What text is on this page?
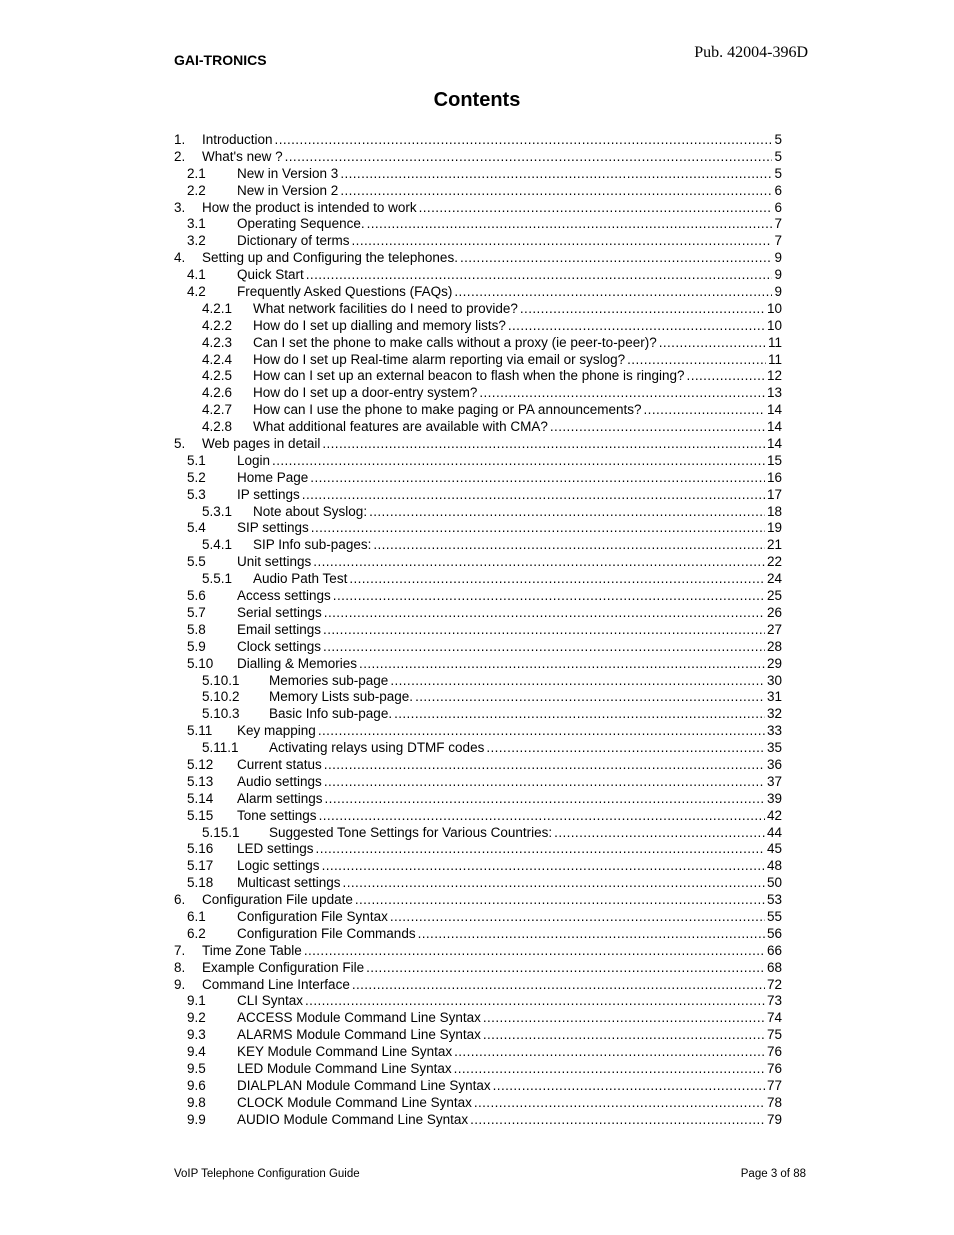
GAI-TRONICS	Pub. 42004-396D
Contents
1.	Introduction .....	5
2.	What's new ? .....	5
2.1	New in Version 3 .....	5
2.2	New in Version 2 .....	6
3.	How the product is intended to work .....	6
3.1	Operating Sequence. .....	7
3.2	Dictionary of terms .....	7
4.	Setting up and Configuring the telephones. .....	9
4.1	Quick Start .....	9
4.2	Frequently Asked Questions (FAQs) .....	9
4.2.1	What network facilities do I need to provide? .....	10
4.2.2	How do I set up dialling and memory lists? .....	10
4.2.3	Can I set the phone to make calls without a proxy (ie peer-to-peer)? .....	11
4.2.4	How do I set up Real-time alarm reporting via email or syslog? .....	11
4.2.5	How can I set up an external beacon to flash when the phone is ringing? .....	12
4.2.6	How do I set up a door-entry system? .....	13
4.2.7	How can I use the phone to make paging or PA announcements? .....	14
4.2.8	What additional features are available with CMA? .....	14
5.	Web pages in detail .....	14
5.1	Login .....	15
5.2	Home Page .....	16
5.3	IP settings .....	17
5.3.1	Note about Syslog: .....	18
5.4	SIP settings .....	19
5.4.1	SIP Info sub-pages: .....	21
5.5	Unit settings .....	22
5.5.1	Audio Path Test .....	24
5.6	Access settings .....	25
5.7	Serial settings .....	26
5.8	Email settings .....	27
5.9	Clock settings .....	28
5.10	Dialling & Memories .....	29
5.10.1	Memories sub-page .....	30
5.10.2	Memory Lists sub-page. .....	31
5.10.3	Basic Info sub-page. .....	32
5.11	Key mapping .....	33
5.11.1	Activating relays using DTMF codes .....	35
5.12	Current status .....	36
5.13	Audio settings .....	37
5.14	Alarm settings .....	39
5.15	Tone settings .....	42
5.15.1	Suggested Tone Settings for Various Countries: .....	44
5.16	LED settings .....	45
5.17	Logic settings .....	48
5.18	Multicast settings .....	50
6.	Configuration File update .....	53
6.1	Configuration File Syntax .....	55
6.2	Configuration File Commands .....	56
7.	Time Zone Table .....	66
8.	Example Configuration File .....	68
9.	Command Line Interface .....	72
9.1	CLI Syntax .....	73
9.2	ACCESS Module Command Line Syntax .....	74
9.3	ALARMS Module Command Line Syntax .....	75
9.4	KEY Module Command Line Syntax .....	76
9.5	LED Module Command Line Syntax .....	76
9.6	DIALPLAN Module Command Line Syntax .....	77
9.8	CLOCK Module Command Line Syntax .....	78
9.9	AUDIO Module Command Line Syntax .....	79
VoIP Telephone Configuration Guide	Page 3 of 88
